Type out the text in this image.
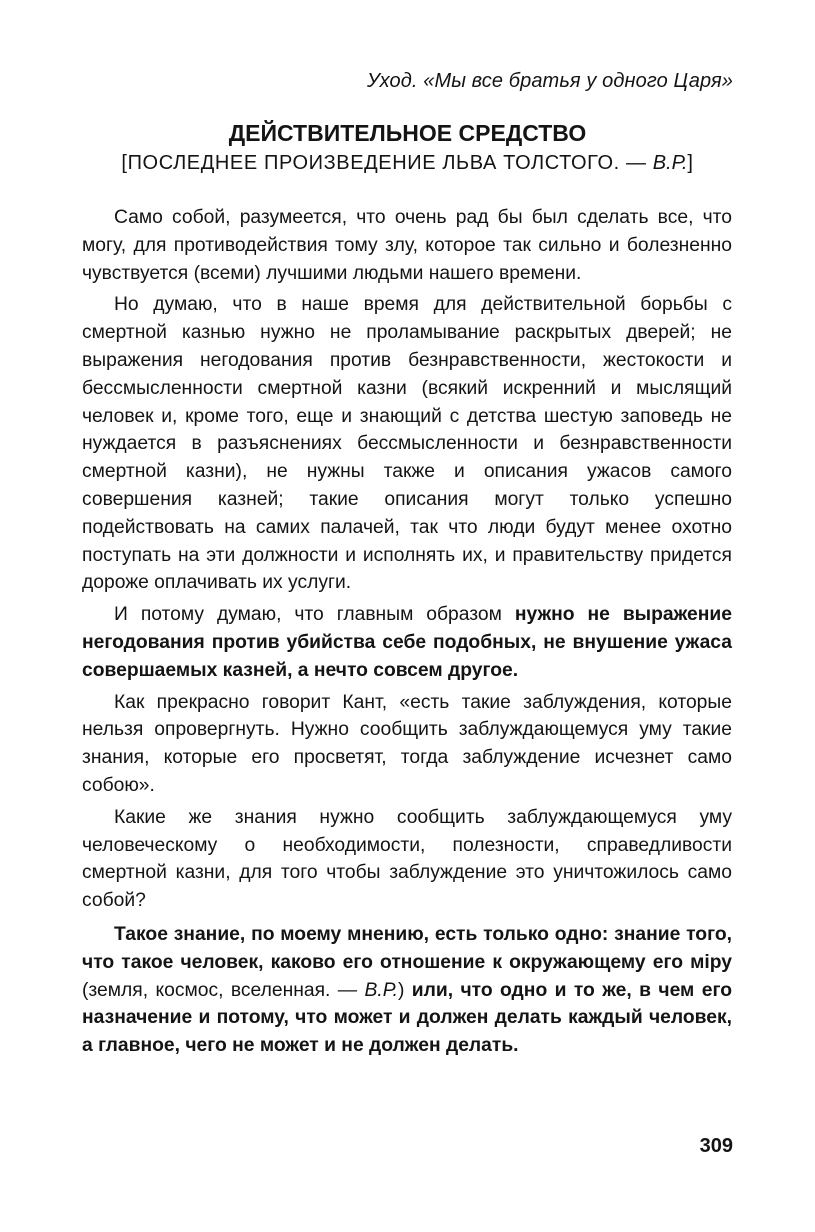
Уход. «Мы все братья у одного Царя»
ДЕЙСТВИТЕЛЬНОЕ СРЕДСТВО
[ПОСЛЕДНЕЕ ПРОИЗВЕДЕНИЕ ЛЬВА ТОЛСТОГО. — В.Р.]

Само собой, разумеется, что очень рад бы был сделать все, что могу, для противодействия тому злу, которое так сильно и болезненно чувствуется (всеми) лучшими людьми нашего времени.

Но думаю, что в наше время для действительной борьбы с смертной казнью нужно не проламывание раскрытых дверей; не выражения негодования против безнравственности, жестокости и бессмысленности смертной казни (всякий искренний и мыслящий человек и, кроме того, еще и знающий с детства шестую заповедь не нуждается в разъяснениях бессмысленности и безнравственности смертной казни), не нужны также и описания ужасов самого совершения казней; такие описания могут только успешно подействовать на самих палачей, так что люди будут менее охотно поступать на эти должности и исполнять их, и правительству придется дороже оплачивать их услуги.

И потому думаю, что главным образом нужно не выражение негодования против убийства себе подобных, не внушение ужаса совершаемых казней, а нечто совсем другое.

Как прекрасно говорит Кант, «есть такие заблуждения, которые нельзя опровергнуть. Нужно сообщить заблуждающемуся уму такие знания, которые его просветят, тогда заблуждение исчезнет само собою».

Какие же знания нужно сообщить заблуждающемуся уму человеческому о необходимости, полезности, справедливости смертной казни, для того чтобы заблуждение это уничтожилось само собой?

Такое знание, по моему мнению, есть только одно: знание того, что такое человек, каково его отношение к окружающему его міру (земля, космос, вселенная. — В.Р.) или, что одно и то же, в чем его назначение и потому, что может и должен делать каждый человек, а главное, чего не может и не должен делать.

309
